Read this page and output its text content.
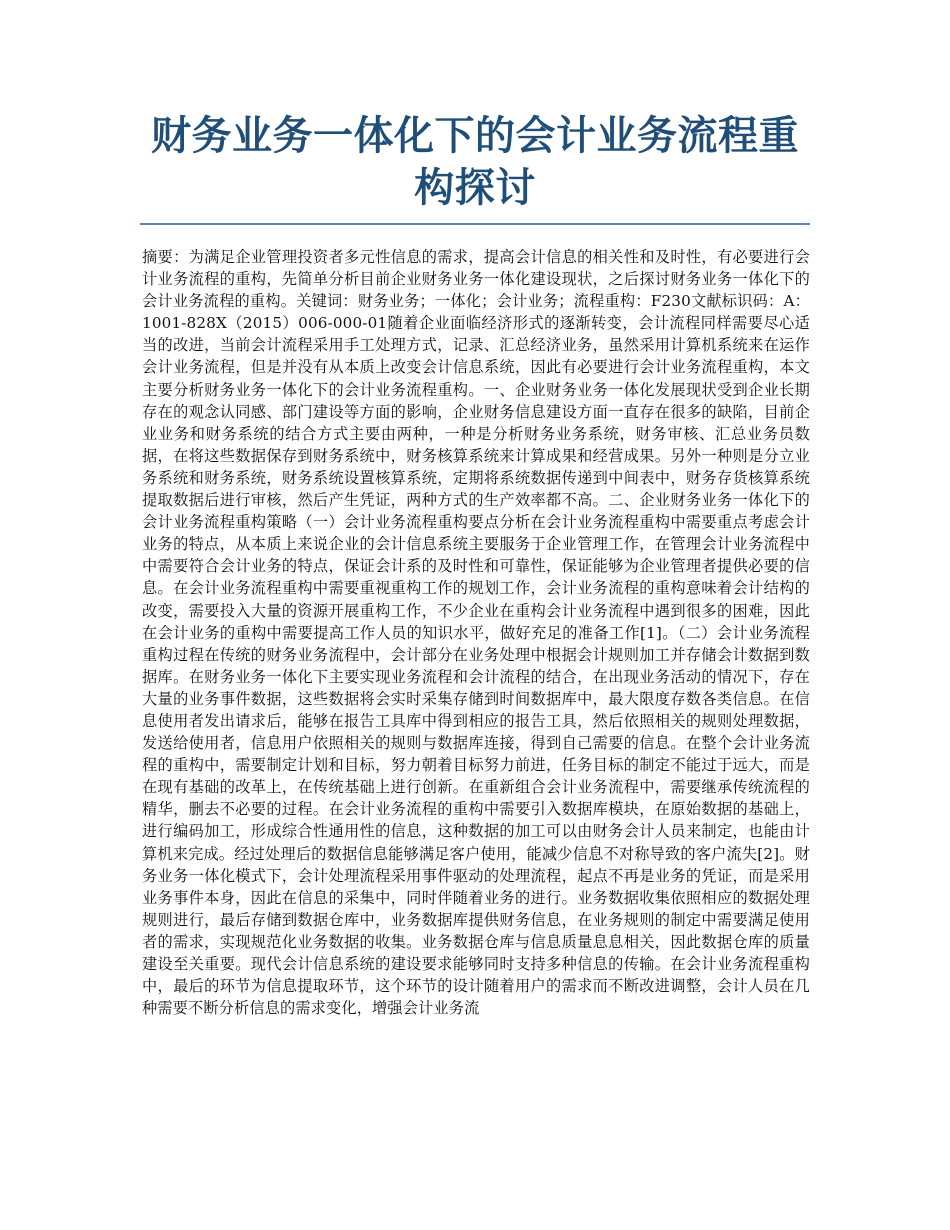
财务业务一体化下的会计业务流程重构探讨

摘要：为满足企业管理投资者多元性信息的需求，提高会计信息的相关性和及时性，有必要进行会计业务流程的重构，先简单分析目前企业财务业务一体化建设现状，之后探讨财务业务一体化下的会计业务流程的重构。关键词：财务业务；一体化；会计业务；流程重构：F230文献标识码：A：1001-828X（2015）006-000-01随着企业面临经济形式的逐渐转变，会计流程同样需要尽心适当的改进，当前会计流程采用手工处理方式，记录、汇总经济业务，虽然采用计算机系统来在运作会计业务流程，但是并没有从本质上改变会计信息系统，因此有必要进行会计业务流程重构，本文主要分析财务业务一体化下的会计业务流程重构。一、企业财务业务一体化发展现状受到企业长期存在的观念认同感、部门建设等方面的影响，企业财务信息建设方面一直存在很多的缺陷，目前企业业务和财务系统的结合方式主要由两种，一种是分析财务业务系统，财务审核、汇总业务员数据，在将这些数据保存到财务系统中，财务核算系统来计算成果和经营成果。另外一种则是分立业务系统和财务系统，财务系统设置核算系统，定期将系统数据传递到中间表中，财务存货核算系统提取数据后进行审核，然后产生凭证，两种方式的生产效率都不高。二、企业财务业务一体化下的会计业务流程重构策略（一）会计业务流程重构要点分析在会计业务流程重构中需要重点考虑会计业务的特点，从本质上来说企业的会计信息系统主要服务于企业管理工作，在管理会计业务流程中中需要符合会计业务的特点，保证会计系的及时性和可靠性，保证能够为企业管理者提供必要的信息。在会计业务流程重构中需要重视重构工作的规划工作，会计业务流程的重构意味着会计结构的改变，需要投入大量的资源开展重构工作，不少企业在重构会计业务流程中遇到很多的困难，因此在会计业务的重构中需要提高工作人员的知识水平，做好充足的准备工作[1]。（二）会计业务流程重构过程在传统的财务业务流程中，会计部分在业务处理中根据会计规则加工并存储会计数据到数据库。在财务业务一体化下主要实现业务流程和会计流程的结合，在出现业务活动的情况下，存在大量的业务事件数据，这些数据将会实时采集存储到时间数据库中，最大限度存数各类信息。在信息使用者发出请求后，能够在报告工具库中得到相应的报告工具，然后依照相关的规则处理数据，发送给使用者，信息用户依照相关的规则与数据库连接，得到自己需要的信息。在整个会计业务流程的重构中，需要制定计划和目标，努力朝着目标努力前进，任务目标的制定不能过于远大，而是在现有基础的改革上，在传统基础上进行创新。在重新组合会计业务流程中，需要继承传统流程的精华，删去不必要的过程。在会计业务流程的重构中需要引入数据库模块，在原始数据的基础上，进行编码加工，形成综合性通用性的信息，这种数据的加工可以由财务会计人员来制定，也能由计算机来完成。经过处理后的数据信息能够满足客户使用，能减少信息不对称导致的客户流失[2]。财务业务一体化模式下，会计处理流程采用事件驱动的处理流程，起点不再是业务的凭证，而是采用业务事件本身，因此在信息的采集中，同时伴随着业务的进行。业务数据收集依照相应的数据处理规则进行，最后存储到数据仓库中，业务数据库提供财务信息，在业务规则的制定中需要满足使用者的需求，实现规范化业务数据的收集。业务数据仓库与信息质量息息相关，因此数据仓库的质量建设至关重要。现代会计信息系统的建设要求能够同时支持多种信息的传输。在会计业务流程重构中，最后的环节为信息提取环节，这个环节的设计随着用户的需求而不断改进调整，会计人员在几种需要不断分析信息的需求变化，增强会计业务流
